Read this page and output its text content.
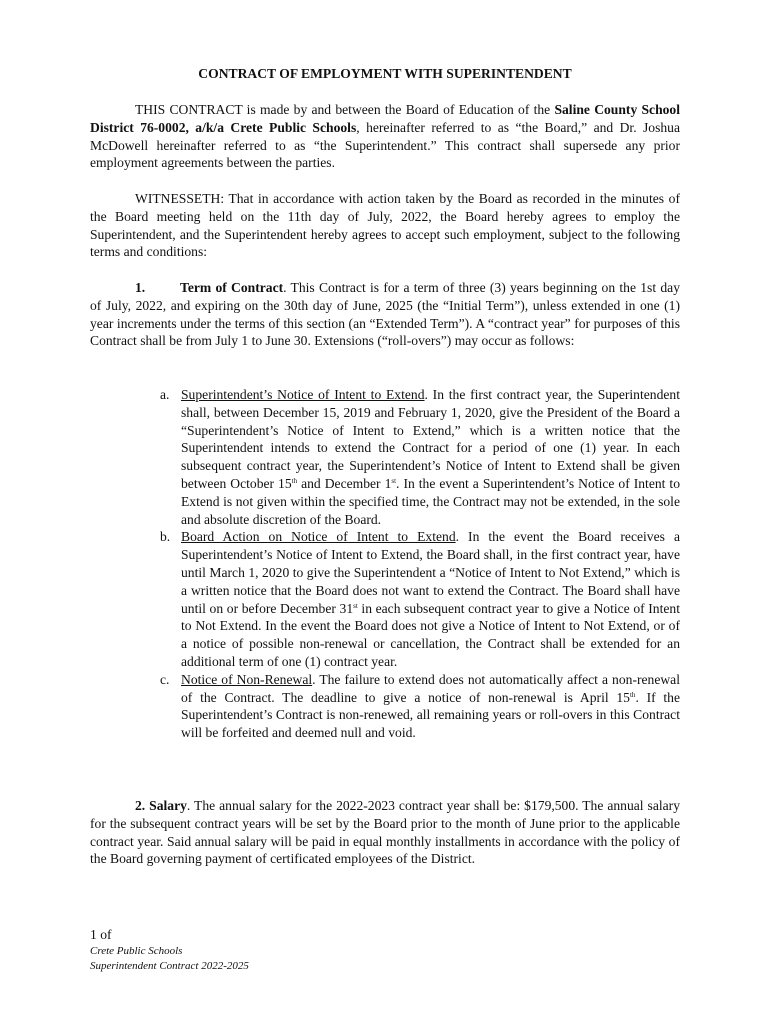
CONTRACT OF EMPLOYMENT WITH SUPERINTENDENT

THIS CONTRACT is made by and between the Board of Education of the Saline County School District 76-0002, a/k/a Crete Public Schools, hereinafter referred to as “the Board,” and Dr. Joshua McDowell hereinafter referred to as “the Superintendent.” This contract shall supersede any prior employment agreements between the parties.

WITNESSETH: That in accordance with action taken by the Board as recorded in the minutes of the Board meeting held on the 11th day of July, 2022, the Board hereby agrees to employ the Superintendent, and the Superintendent hereby agrees to accept such employment, subject to the following terms and conditions:

1.	Term of Contract. This Contract is for a term of three (3) years beginning on the 1st day of July, 2022, and expiring on the 30th day of June, 2025 (the “Initial Term”), unless extended in one (1) year increments under the terms of this section (an “Extended Term”). A “contract year” for purposes of this Contract shall be from July 1 to June 30. Extensions (“roll-overs”) may occur as follows:

a. Superintendent’s Notice of Intent to Extend. In the first contract year, the Superintendent shall, between December 15, 2019 and February 1, 2020, give the President of the Board a “Superintendent’s Notice of Intent to Extend,” which is a written notice that the Superintendent intends to extend the Contract for a period of one (1) year. In each subsequent contract year, the Superintendent’s Notice of Intent to Extend shall be given between October 15th and December 1st. In the event a Superintendent’s Notice of Intent to Extend is not given within the specified time, the Contract may not be extended, in the sole and absolute discretion of the Board.
b. Board Action on Notice of Intent to Extend. In the event the Board receives a Superintendent’s Notice of Intent to Extend, the Board shall, in the first contract year, have until March 1, 2020 to give the Superintendent a “Notice of Intent to Not Extend,” which is a written notice that the Board does not want to extend the Contract. The Board shall have until on or before December 31st in each subsequent contract year to give a Notice of Intent to Not Extend. In the event the Board does not give a Notice of Intent to Not Extend, or of a notice of possible non-renewal or cancellation, the Contract shall be extended for an additional term of one (1) contract year.
c. Notice of Non-Renewal. The failure to extend does not automatically affect a non-renewal of the Contract. The deadline to give a notice of non-renewal is April 15th. If the Superintendent’s Contract is non-renewed, all remaining years or roll-overs in this Contract will be forfeited and deemed null and void.

2. Salary. The annual salary for the 2022-2023 contract year shall be: $179,500. The annual salary for the subsequent contract years will be set by the Board prior to the month of June prior to the applicable contract year. Said annual salary will be paid in equal monthly installments in accordance with the policy of the Board governing payment of certificated employees of the District.

1 of
Crete Public Schools
Superintendent Contract 2022-2025
